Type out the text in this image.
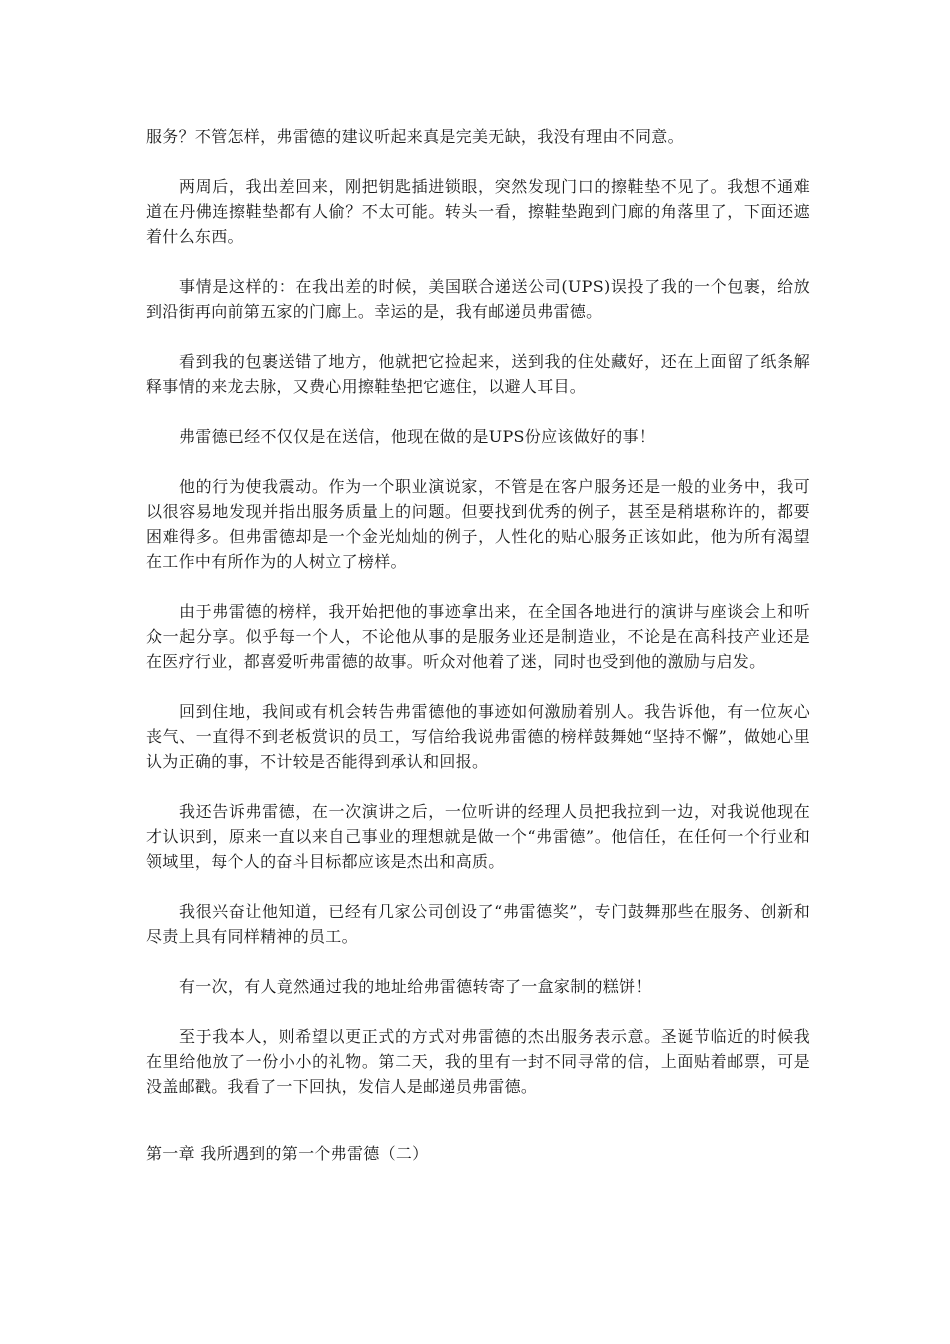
服务？不管怎样，弗雷德的建议听起来真是完美无缺，我没有理由不同意。

两周后，我出差回来，刚把钥匙插进锁眼，突然发现门口的擦鞋垫不见了。我想不通难道在丹佛连擦鞋垫都有人偷？不太可能。转头一看，擦鞋垫跑到门廊的角落里了，下面还遮着什么东西。

事情是这样的：在我出差的时候，美国联合递送公司(UPS)误投了我的一个包裹，给放到沿街再向前第五家的门廊上。幸运的是，我有邮递员弗雷德。

看到我的包裹送错了地方，他就把它捡起来，送到我的住处藏好，还在上面留了纸条解释事情的来龙去脉，又费心用擦鞋垫把它遮住，以避人耳目。

弗雷德已经不仅仅是在送信，他现在做的是UPS份应该做好的事！

他的行为使我震动。作为一个职业演说家，不管是在客户服务还是一般的业务中，我可以很容易地发现并指出服务质量上的问题。但要找到优秀的例子，甚至是稍堪称许的，都要困难得多。但弗雷德却是一个金光灿灿的例子，人性化的贴心服务正该如此，他为所有渴望在工作中有所作为的人树立了榜样。

由于弗雷德的榜样，我开始把他的事迹拿出来，在全国各地进行的演讲与座谈会上和听众一起分享。似乎每一个人，不论他从事的是服务业还是制造业，不论是在高科技产业还是在医疗行业，都喜爱听弗雷德的故事。听众对他着了迷，同时也受到他的激励与启发。

回到住地，我间或有机会转告弗雷德他的事迹如何激励着别人。我告诉他，有一位灰心丧气、一直得不到老板赏识的员工，写信给我说弗雷德的榜样鼓舞她“坚持不懈”，做她心里认为正确的事，不计较是否能得到承认和回报。

我还告诉弗雷德，在一次演讲之后，一位听讲的经理人员把我拉到一边，对我说他现在才认识到，原来一直以来自己事业的理想就是做一个“弗雷德”。他信任，在任何一个行业和领域里，每个人的奋斗目标都应该是杰出和高质。

我很兴奋让他知道，已经有几家公司创设了“弗雷德奖”，专门鼓舞那些在服务、创新和尽责上具有同样精神的员工。

有一次，有人竟然通过我的地址给弗雷德转寄了一盒家制的糕饼！

至于我本人，则希望以更正式的方式对弗雷德的杰出服务表示意。圣诞节临近的时候我在里给他放了一份小小的礼物。第二天，我的里有一封不同寻常的信，上面贴着邮票，可是没盖邮戳。我看了一下回执，发信人是邮递员弗雷德。

第一章 我所遇到的第一个弗雷德（二）
